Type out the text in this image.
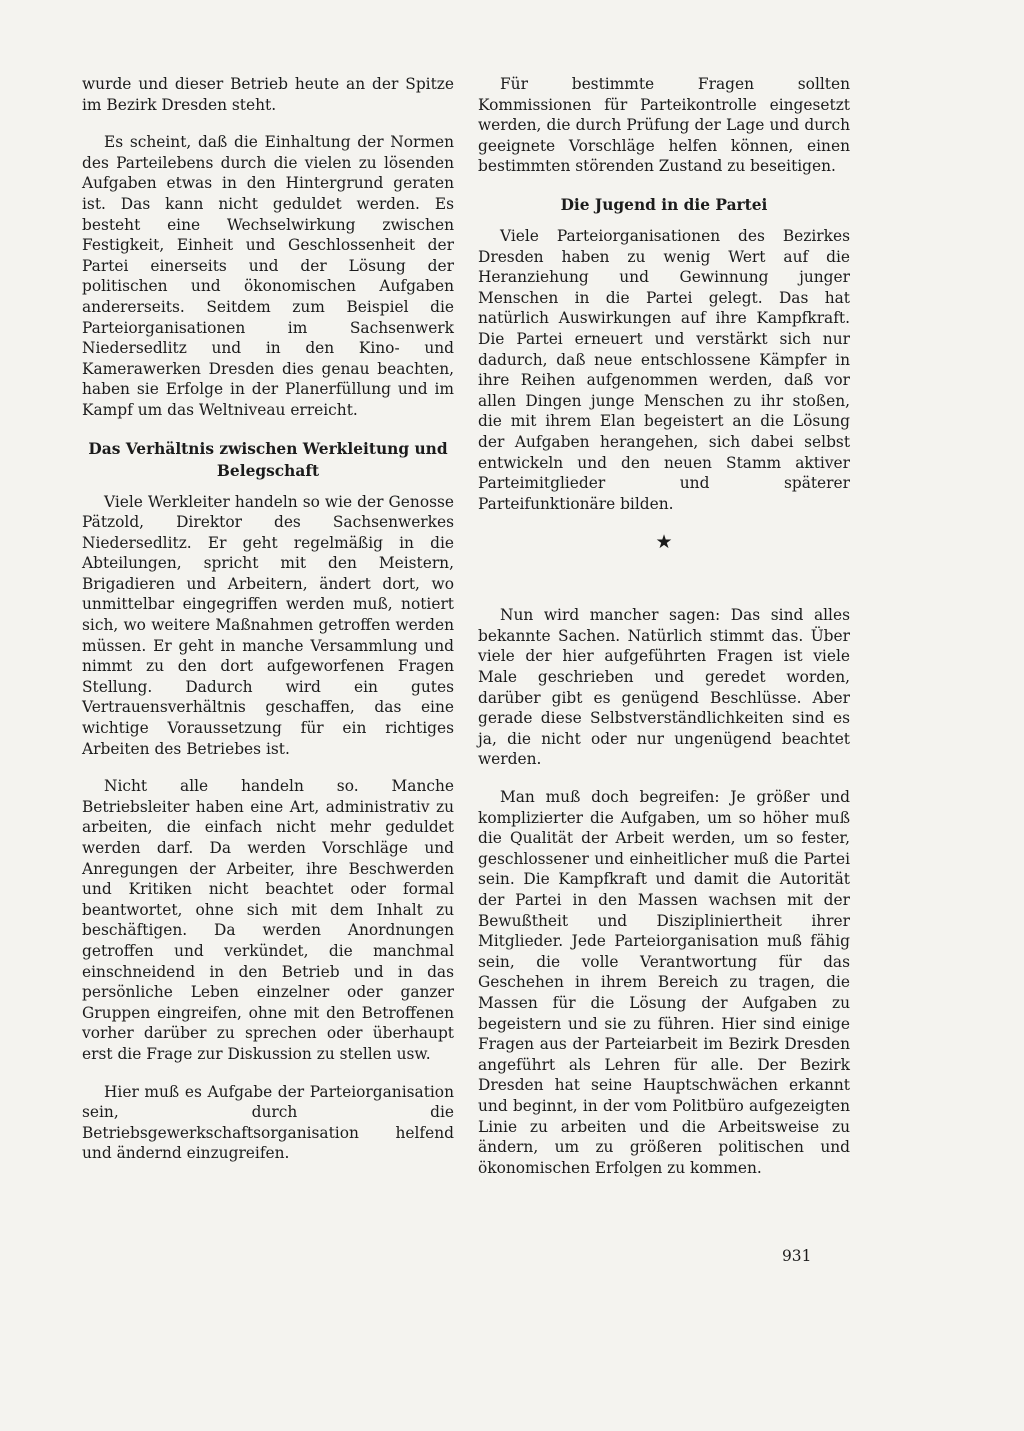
wurde und dieser Betrieb heute an der Spitze im Bezirk Dresden steht.

Es scheint, daß die Einhaltung der Normen des Parteilebens durch die vielen zu lösenden Aufgaben etwas in den Hintergrund geraten ist. Das kann nicht geduldet werden. Es besteht eine Wechselwirkung zwischen Festigkeit, Einheit und Geschlossenheit der Partei einerseits und der Lösung der politischen und ökonomischen Aufgaben andererseits. Seitdem zum Beispiel die Parteiorganisationen im Sachsenwerk Niedersedlitz und in den Kino- und Kamerawerken Dresden dies genau beachten, haben sie Erfolge in der Planerfüllung und im Kampf um das Weltniveau erreicht.

Das Verhältnis zwischen Werkleitung und Belegschaft

Viele Werkleiter handeln so wie der Genosse Pätzold, Direktor des Sachsenwerkes Niedersedlitz. Er geht regelmäßig in die Abteilungen, spricht mit den Meistern, Brigadieren und Arbeitern, ändert dort, wo unmittelbar eingegriffen werden muß, notiert sich, wo weitere Maßnahmen getroffen werden müssen. Er geht in manche Versammlung und nimmt zu den dort aufgeworfenen Fragen Stellung. Dadurch wird ein gutes Vertrauensverhältnis geschaffen, das eine wichtige Voraussetzung für ein richtiges Arbeiten des Betriebes ist.

Nicht alle handeln so. Manche Betriebsleiter haben eine Art, administrativ zu arbeiten, die einfach nicht mehr geduldet werden darf. Da werden Vorschläge und Anregungen der Arbeiter, ihre Beschwerden und Kritiken nicht beachtet oder formal beantwortet, ohne sich mit dem Inhalt zu beschäftigen. Da werden Anordnungen getroffen und verkündet, die manchmal einschneidend in den Betrieb und in das persönliche Leben einzelner oder ganzer Gruppen eingreifen, ohne mit den Betroffenen vorher darüber zu sprechen oder überhaupt erst die Frage zur Diskussion zu stellen usw.

Hier muß es Aufgabe der Parteiorganisation sein, durch die Betriebsgewerkschaftsorganisation helfend und ändernd einzugreifen.

Für bestimmte Fragen sollten Kommissionen für Parteikontrolle eingesetzt werden, die durch Prüfung der Lage und durch geeignete Vorschläge helfen können, einen bestimmten störenden Zustand zu beseitigen.

Die Jugend in die Partei

Viele Parteiorganisationen des Bezirkes Dresden haben zu wenig Wert auf die Heranziehung und Gewinnung junger Menschen in die Partei gelegt. Das hat natürlich Auswirkungen auf ihre Kampfkraft. Die Partei erneuert und verstärkt sich nur dadurch, daß neue entschlossene Kämpfer in ihre Reihen aufgenommen werden, daß vor allen Dingen junge Menschen zu ihr stoßen, die mit ihrem Elan begeistert an die Lösung der Aufgaben herangehen, sich dabei selbst entwickeln und den neuen Stamm aktiver Parteimitglieder und späterer Parteifunktionäre bilden.

★

Nun wird mancher sagen: Das sind alles bekannte Sachen. Natürlich stimmt das. Über viele der hier aufgeführten Fragen ist viele Male geschrieben und geredet worden, darüber gibt es genügend Beschlüsse. Aber gerade diese Selbstverständlichkeiten sind es ja, die nicht oder nur ungenügend beachtet werden.

Man muß doch begreifen: Je größer und komplizierter die Aufgaben, um so höher muß die Qualität der Arbeit werden, um so fester, geschlossener und einheitlicher muß die Partei sein. Die Kampfkraft und damit die Autorität der Partei in den Massen wachsen mit der Bewußtheit und Diszipliniertheit ihrer Mitglieder. Jede Parteiorganisation muß fähig sein, die volle Verantwortung für das Geschehen in ihrem Bereich zu tragen, die Massen für die Lösung der Aufgaben zu begeistern und sie zu führen. Hier sind einige Fragen aus der Parteiarbeit im Bezirk Dresden angeführt als Lehren für alle. Der Bezirk Dresden hat seine Hauptschwächen erkannt und beginnt, in der vom Politbüro aufgezeigten Linie zu arbeiten und die Arbeitsweise zu ändern, um zu größeren politischen und ökonomischen Erfolgen zu kommen.

931
